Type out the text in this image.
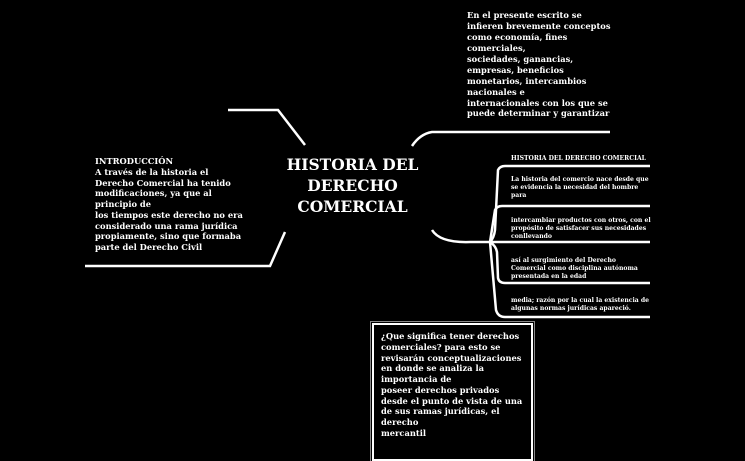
HISTORIA DEL
DERECHO
COMERCIAL
En el presente escrito se
infieren brevemente conceptos
como economía, fines
comerciales,
sociedades, ganancias,
empresas, beneficios
monetarios, intercambios
nacionales e
internacionales con los que se
puede determinar y garantizar
INTRODUCCIÓN
A través de la historia el
Derecho Comercial ha tenido
modificaciones, ya que al
principio de
los tiempos este derecho no era
considerado una rama jurídica
propiamente, sino que formaba
parte del Derecho Civil
HISTORIA DEL DERECHO COMERCIAL
La historia del comercio nace desde que
se evidencia la necesidad del hombre
para
intercambiar productos con otros, con el
propósito de satisfacer sus necesidades
conllevando
así al surgimiento del Derecho
Comercial como disciplina autónoma
presentada en la edad
media; razón por la cual la existencia de
algunas normas jurídicas apareció.
¿Que significa tener derechos
comerciales? para esto se
revisarán conceptualizaciones
en donde se analiza la
importancia de
poseer derechos privados
desde el punto de vista de una
de sus ramas jurídicas, el
derecho
mercantil
